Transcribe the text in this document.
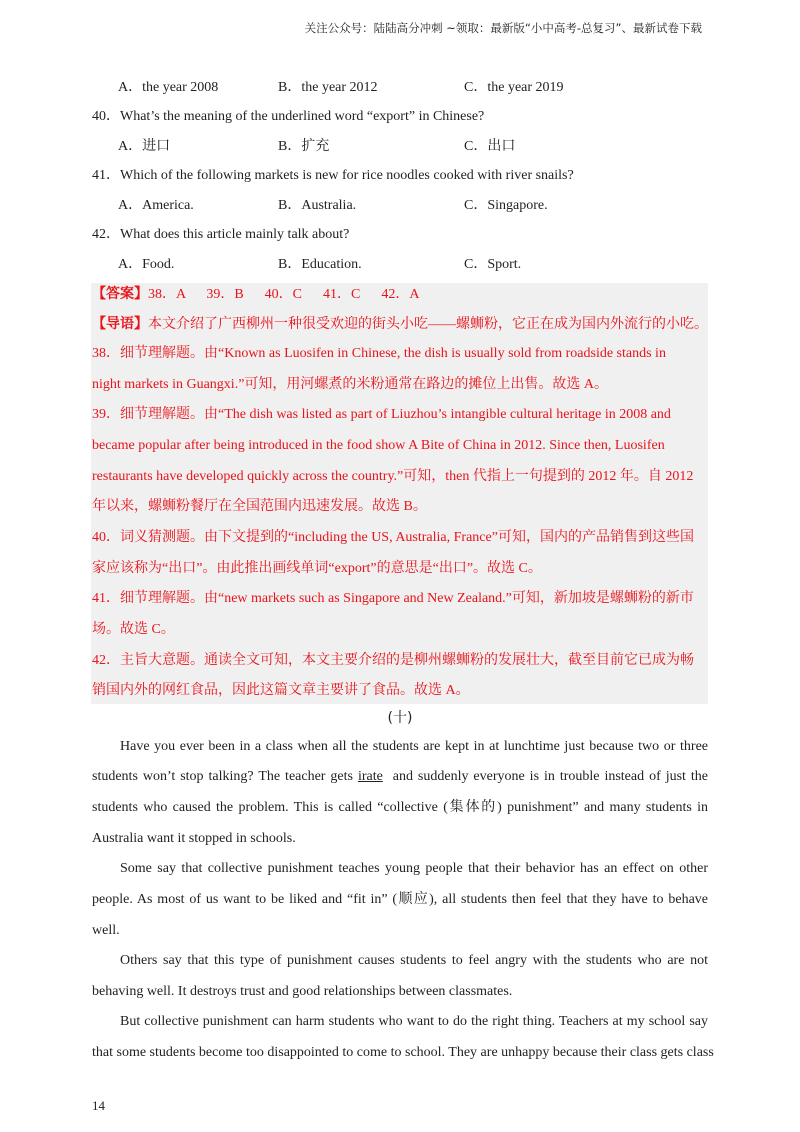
关注公众号：陆陆高分冲刺 ~领取：最新版“小中高考-总复习”、最新试卷下载
A．the year 2008	B．the year 2012	C．the year 2019
40．What’s the meaning of the underlined word “export” in Chinese?
A．进口	B．扩充	C．出口
41．Which of the following markets is new for rice noodles cooked with river snails?
A．America.	B．Australia.	C．Singapore.
42．What does this article mainly talk about?
A．Food.	B．Education.	C．Sport.
【答案】38．A      39．B      40．C      41．C      42．A
【导语】本文介绍了广西柳州一种很受欢迎的街头小吃——螺蛳粉，它正在成为国内外流行的小吃。
38．细节理解题。由“Known as Luosifen in Chinese, the dish is usually sold from roadside stands in
night markets in Guangxi.”可知，用河螺煮的米粉通常在路边的摊位上出售。故选 A。
39．细节理解题。由“The dish was listed as part of Liuzhou’s intangible cultural heritage in 2008 and
became popular after being introduced in the food show A Bite of China in 2012. Since then, Luosifen
restaurants have developed quickly across the country.”可知，then 代指上一句提到的 2012 年。自 2012
年以来，螺蛳粉餐厅在全国范围内迅速发展。故选 B。
40．词义猜测题。由下文提到的“including the US, Australia, France”可知，国内的产品销售到这些国
家应该称为“出口”。由此推出画线单词“export”的意思是“出口”。故选 C。
41．细节理解题。由“new markets such as Singapore and New Zealand.”可知，新加坡是螺蛳粉的新市
场。故选 C。
42．主旨大意题。通读全文可知，本文主要介绍的是柳州螺蛳粉的发展壮大，截至目前它已成为畅
销国内外的网红食品，因此这篇文章主要讲了食品。故选 A。
(十)
Have you ever been in a class when all the students are kept in at lunchtime just because two or three
students won’t stop talking? The teacher gets irate  and suddenly everyone is in trouble instead of just the
students who caused the problem. This is called “collective (集体的) punishment” and many students in
Australia want it stopped in schools.
Some say that collective punishment teaches young people that their behavior has an effect on other
people. As most of us want to be liked and “fit in” (顺应), all students then feel that they have to behave
well.
Others say that this type of punishment causes students to feel angry with the students who are not
behaving well. It destroys trust and good relationships between classmates.
But collective punishment can harm students who want to do the right thing. Teachers at my school say
that some students become too disappointed to come to school. They are unhappy because their class gets class
14
